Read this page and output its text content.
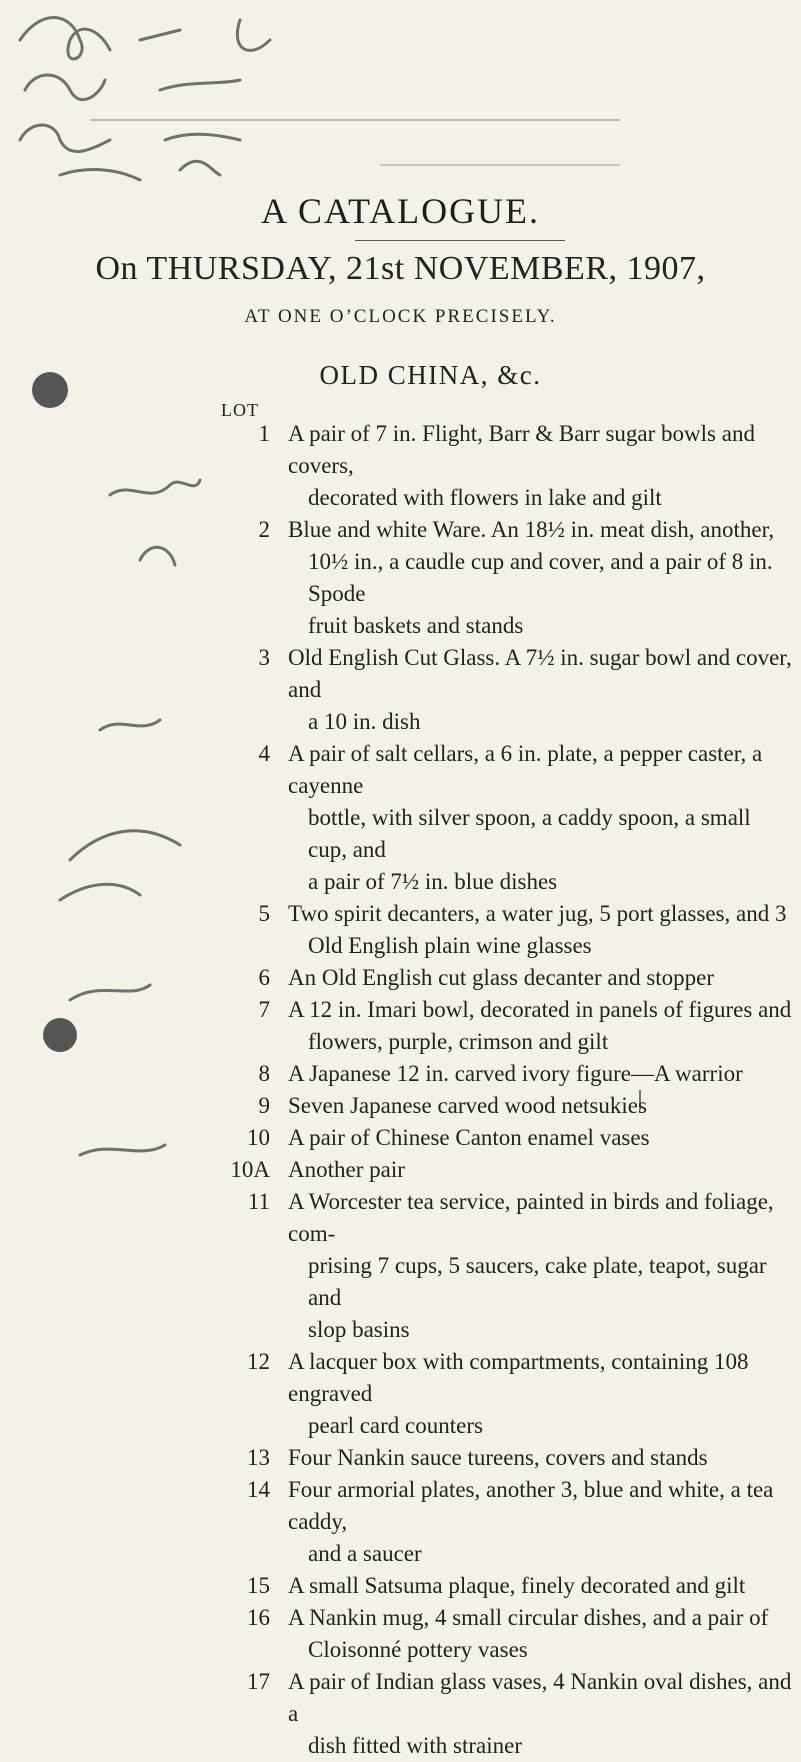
A CATALOGUE.
On THURSDAY, 21st NOVEMBER, 1907,
AT ONE O’CLOCK PRECISELY.
OLD CHINA, &c.
LOT
1 A pair of 7 in. Flight, Barr & Barr sugar bowls and covers,
decorated with flowers in lake and gilt
2 Blue and white Ware. An 18½ in. meat dish, another,
10½ in., a caudle cup and cover, and a pair of 8 in. Spode
fruit baskets and stands
3 Old English Cut Glass. A 7½ in. sugar bowl and cover, and
a 10 in. dish
4 A pair of salt cellars, a 6 in. plate, a pepper caster, a cayenne
bottle, with silver spoon, a caddy spoon, a small cup, and
a pair of 7½ in. blue dishes
5 Two spirit decanters, a water jug, 5 port glasses, and 3
Old English plain wine glasses
6 An Old English cut glass decanter and stopper
7 A 12 in. Imari bowl, decorated in panels of figures and
flowers, purple, crimson and gilt
8 A Japanese 12 in. carved ivory figure—A warrior
9 Seven Japanese carved wood netsukies
10 A pair of Chinese Canton enamel vases
10A Another pair
11 A Worcester tea service, painted in birds and foliage, com-
prising 7 cups, 5 saucers, cake plate, teapot, sugar and
slop basins
12 A lacquer box with compartments, containing 108 engraved
pearl card counters
13 Four Nankin sauce tureens, covers and stands
14 Four armorial plates, another 3, blue and white, a tea caddy,
and a saucer
15 A small Satsuma plaque, finely decorated and gilt
16 A Nankin mug, 4 small circular dishes, and a pair of
Cloisonné pottery vases
17 A pair of Indian glass vases, 4 Nankin oval dishes, and a
dish fitted with strainer
